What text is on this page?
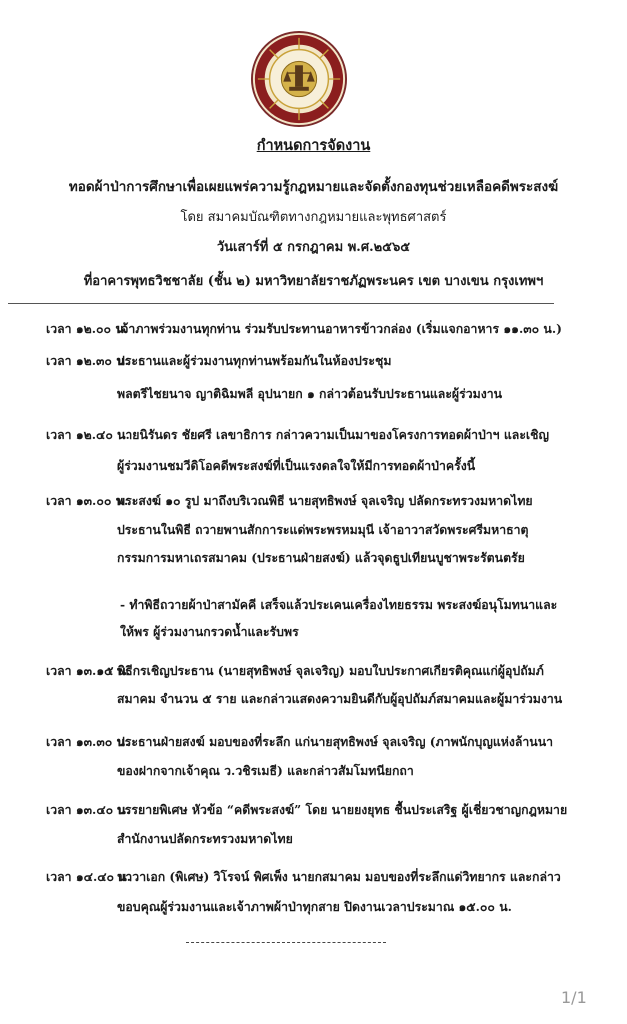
กำหนดการจัดงาน
ทอดผ้าป่าการศึกษาเพื่อเผยแพร่ความรู้กฎหมายและจัดตั้งกองทุนช่วยเหลือคดีพระสงฆ์
โดย สมาคมบัณฑิตทางกฎหมายและพุทธศาสตร์
วันเสาร์ที่ ๕ กรกฎาคม พ.ศ.๒๕๖๕
ที่อาคารพุทธวิชชาลัย (ชั้น ๒) มหาวิทยาลัยราชภัฏพระนคร เขต บางเขน กรุงเทพฯ
เวลา ๑๒.๐๐ น.
เจ้าภาพร่วมงานทุกท่าน ร่วมรับประทานอาหารข้าวกล่อง (เริ่มแจกอาหาร ๑๑.๓๐ น.)
เวลา ๑๒.๓๐ น.
ประธานและผู้ร่วมงานทุกท่านพร้อมกันในห้องประชุม
พลตรีไชยนาจ ญาติฉิมพลี อุปนายก ๑ กล่าวต้อนรับประธานและผู้ร่วมงาน
เวลา ๑๒.๔๐ น.
นายนิรันดร ชัยศรี เลขาธิการ กล่าวความเป็นมาของโครงการทอดผ้าป่าฯ และเชิญ
ผู้ร่วมงานชมวีดิโอคดีพระสงฆ์ที่เป็นแรงดลใจให้มีการทอดผ้าป่าครั้งนี้
เวลา ๑๓.๐๐ น.
พระสงฆ์ ๑๐ รูป มาถึงบริเวณพิธี นายสุทธิพงษ์ จุลเจริญ ปลัดกระทรวงมหาดไทย
ประธานในพิธี ถวายพานสักการะแด่พระพรหมมุนี เจ้าอาวาสวัดพระศรีมหาธาตุ
กรรมการมหาเถรสมาคม (ประธานฝ่ายสงฆ์) แล้วจุดธูปเทียนบูชาพระรัตนตรัย
- ทำพิธีถวายผ้าป่าสามัคคี เสร็จแล้วประเคนเครื่องไทยธรรม พระสงฆ์อนุโมทนาและ
ให้พร ผู้ร่วมงานกรวดน้ำและรับพร
เวลา ๑๓.๑๕ น.
พิธีกรเชิญประธาน (นายสุทธิพงษ์ จุลเจริญ) มอบใบประกาศเกียรติคุณแก่ผู้อุปถัมภ์
สมาคม จำนวน ๕ ราย และกล่าวแสดงความยินดีกับผู้อุปถัมภ์สมาคมและผู้มาร่วมงาน
เวลา ๑๓.๓๐ น.
ประธานฝ่ายสงฆ์ มอบของที่ระลึก แก่นายสุทธิพงษ์ จุลเจริญ (ภาพนักบุญแห่งล้านนา
ของฝากจากเจ้าคุณ ว.วชิรเมธี) และกล่าวสัมโมทนียกถา
เวลา ๑๓.๔๐ น.
บรรยายพิเศษ หัวข้อ “คดีพระสงฆ์” โดย นายยงยุทธ ชื้นประเสริฐ ผู้เชี่ยวชาญกฎหมาย
สำนักงานปลัดกระทรวงมหาดไทย
เวลา ๑๔.๔๐ น.
นาวาเอก (พิเศษ) วิโรจน์ พิศเพ็ง นายกสมาคม มอบของที่ระลึกแด่วิทยากร และกล่าว
ขอบคุณผู้ร่วมงานและเจ้าภาพผ้าป่าทุกสาย ปิดงานเวลาประมาณ ๑๕.๐๐ น.
1/1
